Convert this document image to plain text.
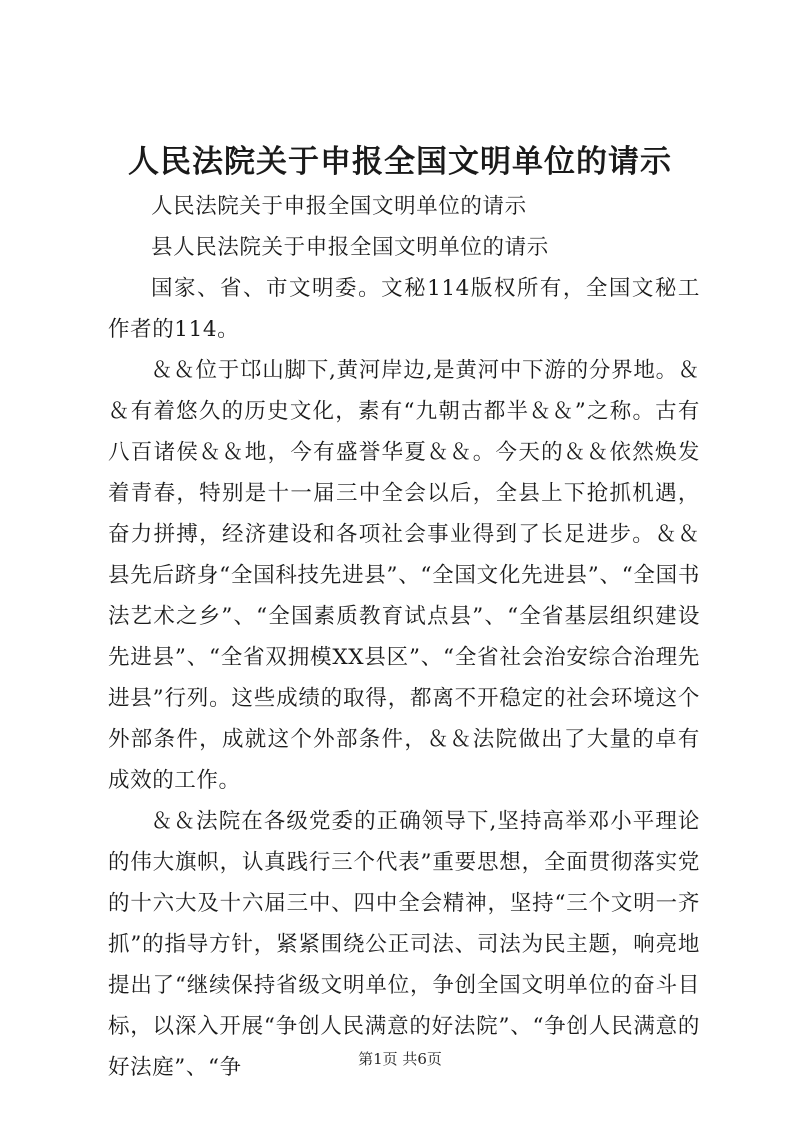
人民法院关于申报全国文明单位的请示

人民法院关于申报全国文明单位的请示

县人民法院关于申报全国文明单位的请示

国家、省、市文明委。文秘114版权所有，全国文秘工作者的114。

＆＆位于邙山脚下,黄河岸边,是黄河中下游的分界地。＆＆有着悠久的历史文化，素有“九朝古都半＆＆”之称。古有八百诸侯＆＆地，今有盛誉华夏＆＆。今天的＆＆依然焕发着青春，特别是十一届三中全会以后，全县上下抢抓机遇，奋力拼搏，经济建设和各项社会事业得到了长足进步。＆＆县先后跻身“全国科技先进县”、“全国文化先进县”、“全国书法艺术之乡”、“全国素质教育试点县”、“全省基层组织建设先进县”、“全省双拥模XX县区”、“全省社会治安综合治理先进县”行列。这些成绩的取得，都离不开稳定的社会环境这个外部条件，成就这个外部条件，＆＆法院做出了大量的卓有成效的工作。

＆＆法院在各级党委的正确领导下,坚持高举邓小平理论的伟大旗帜，认真践行三个代表”重要思想，全面贯彻落实党的十六大及十六届三中、四中全会精神，坚持“三个文明一齐抓”的指导方针，紧紧围绕公正司法、司法为民主题，响亮地提出了“继续保持省级文明单位，争创全国文明单位的奋斗目标，以深入开展“争创人民满意的好法院”、“争创人民满意的好法庭”、“争	第1页 共6页
